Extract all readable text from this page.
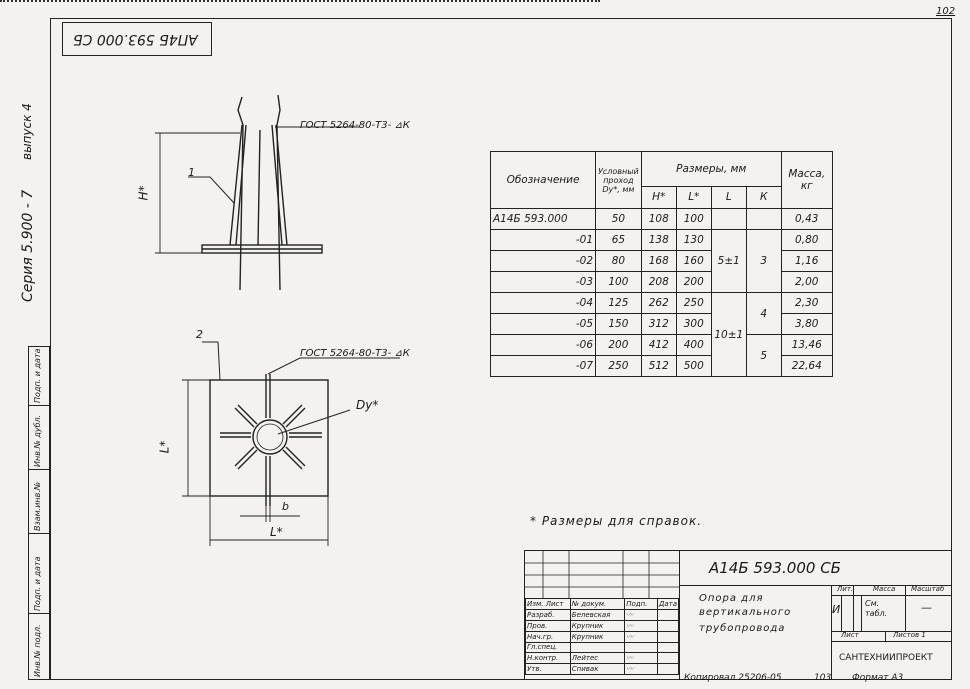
102
АП4Б 593.000 СБ
выпуск 4
Серия 5.900 - 7
Подп. и дата
Инв.№ дубл.
Взам.инв.№
Подп. и дата
Инв.№ подл.
1
Н*
ГОСТ 5264-80-Т3- ⊿К
2
ГОСТ 5264-80-Т3- ⊿К
Dy*
L*
b
L*
Обозначение	Условный проход Dy*, мм	Размеры, мм				Масса, кг
		Н*	L*	L	К	
А14Б 593.000	50	108	100			0,43
-01	65	138	130	5±1	3	0,80
-02	80	168	160			1,16
-03	100	208	200			2,00
-04	125	262	250	10±1	4	2,30
-05	150	312	300			3,80
-06	200	412	400		5	13,46
-07	250	512	500			22,64
* Размеры для справок.
Изм. Лист	№ докум.	Подп.	Дата
Разраб.	Белевская	〰	
Пров.	Крупник	〰	
Нач.гр.	Крупник	〰	
Гл.спец.			
Н.контр.	Лейтес	〰	
Утв.	Спивак	〰	
А14Б 593.000 СБ
Опора для
вертикального
трубопровода
Лит.	Масса Масштаб
И	См. табл.	—
Лист	Листов 1
САНТЕХНИИПРОЕКТ
Копировал 25206-05	103 Формат А3
